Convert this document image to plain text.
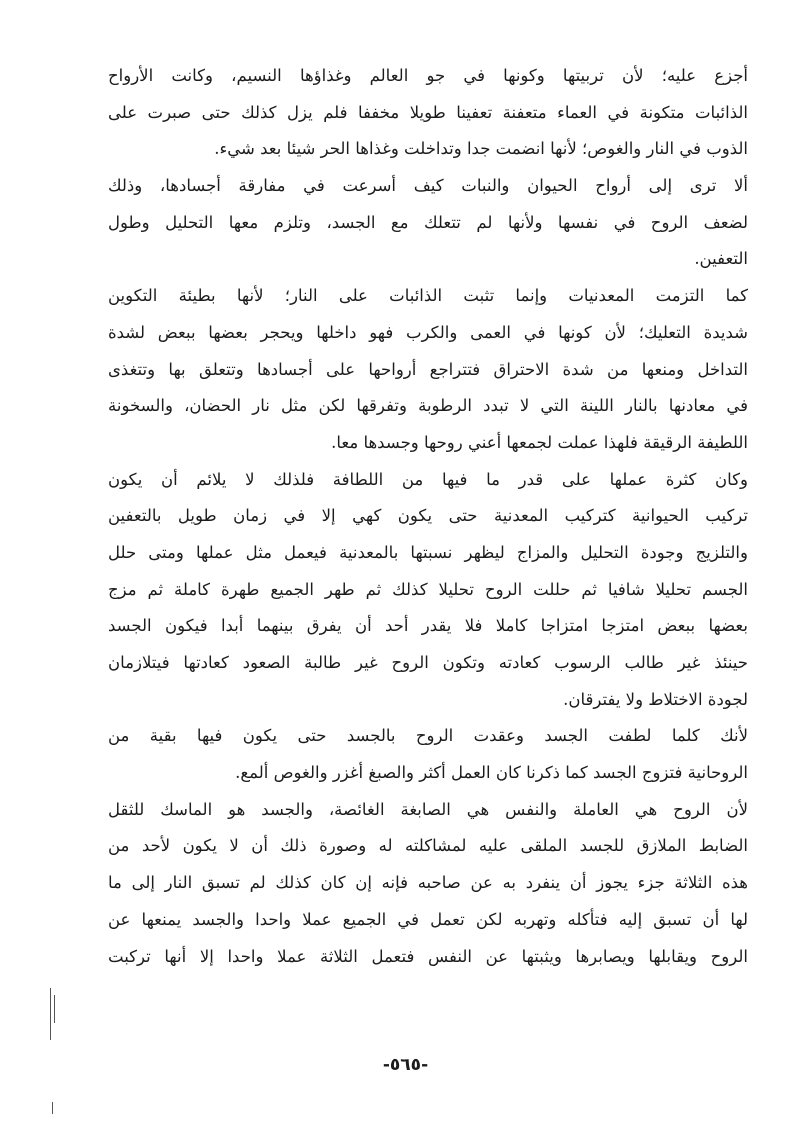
أجزع عليه؛ لأن تربيتها وكونها في جو العالم وغذاؤها النسيم، وكانت الأرواح
الذائبات متكونة في العماء متعفنة تعفينا طويلا مخففا فلم يزل كذلك حتى صبرت على
الذوب في النار والغوص؛ لأنها انضمت جدا وتداخلت وغذاها الحر شيئا بعد شيء.
ألا ترى إلى أرواح الحيوان والنبات كيف أسرعت في مفارقة أجسادها، وذلك
لضعف الروح في نفسها ولأنها لم تتعلك مع الجسد، وتلزم معها التحليل وطول
التعفين.
كما التزمت المعدنيات وإنما تثبت الذائبات على النار؛ لأنها بطيئة التكوين
شديدة التعليك؛ لأن كونها في العمى والكرب فهو داخلها ويحجر بعضها ببعض لشدة
التداخل ومنعها من شدة الاحتراق فتتراجع أرواحها على أجسادها وتتعلق بها وتتغذى
في معادنها بالنار اللينة التي لا تبدد الرطوبة وتفرقها لكن مثل نار الحضان، والسخونة
اللطيفة الرقيقة فلهذا عملت لجمعها أعني روحها وجسدها معا.
وكان كثرة عملها على قدر ما فيها من اللطافة فلذلك لا يلائم أن يكون
تركيب الحيوانية كتركيب المعدنية حتى يكون كهي إلا في زمان طويل بالتعفين
والتلزيج وجودة التحليل والمزاج ليظهر نسبتها بالمعدنية فيعمل مثل عملها ومتى حلل
الجسم تحليلا شافيا ثم حللت الروح تحليلا كذلك ثم طهر الجميع طهرة كاملة ثم مزج
بعضها ببعض امتزجا امتزاجا كاملا فلا يقدر أحد أن يفرق بينهما أبدا فيكون الجسد
حينئذ غير طالب الرسوب كعادته وتكون الروح غير طالبة الصعود كعادتها فيتلازمان
لجودة الاختلاط ولا يفترقان.
لأنك كلما لطفت الجسد وعقدت الروح بالجسد حتى يكون فيها بقية من
الروحانية فتزوج الجسد كما ذكرنا كان العمل أكثر والصبغ أغزر والغوص ألمع.
لأن الروح هي العاملة والنفس هي الصابغة الغائصة، والجسد هو الماسك للثقل
الضابط الملازق للجسد الملقى عليه لمشاكلته له وصورة ذلك أن لا يكون لأحد من
هذه الثلاثة جزء يجوز أن ينفرد به عن صاحبه فإنه إن كان كذلك لم تسبق النار إلى ما
لها أن تسبق إليه فتأكله وتهربه لكن تعمل في الجميع عملا واحدا والجسد يمنعها عن
الروح ويقابلها ويصابرها ويثبتها عن النفس فتعمل الثلاثة عملا واحدا إلا أنها تركبت
-٥٦٥-
